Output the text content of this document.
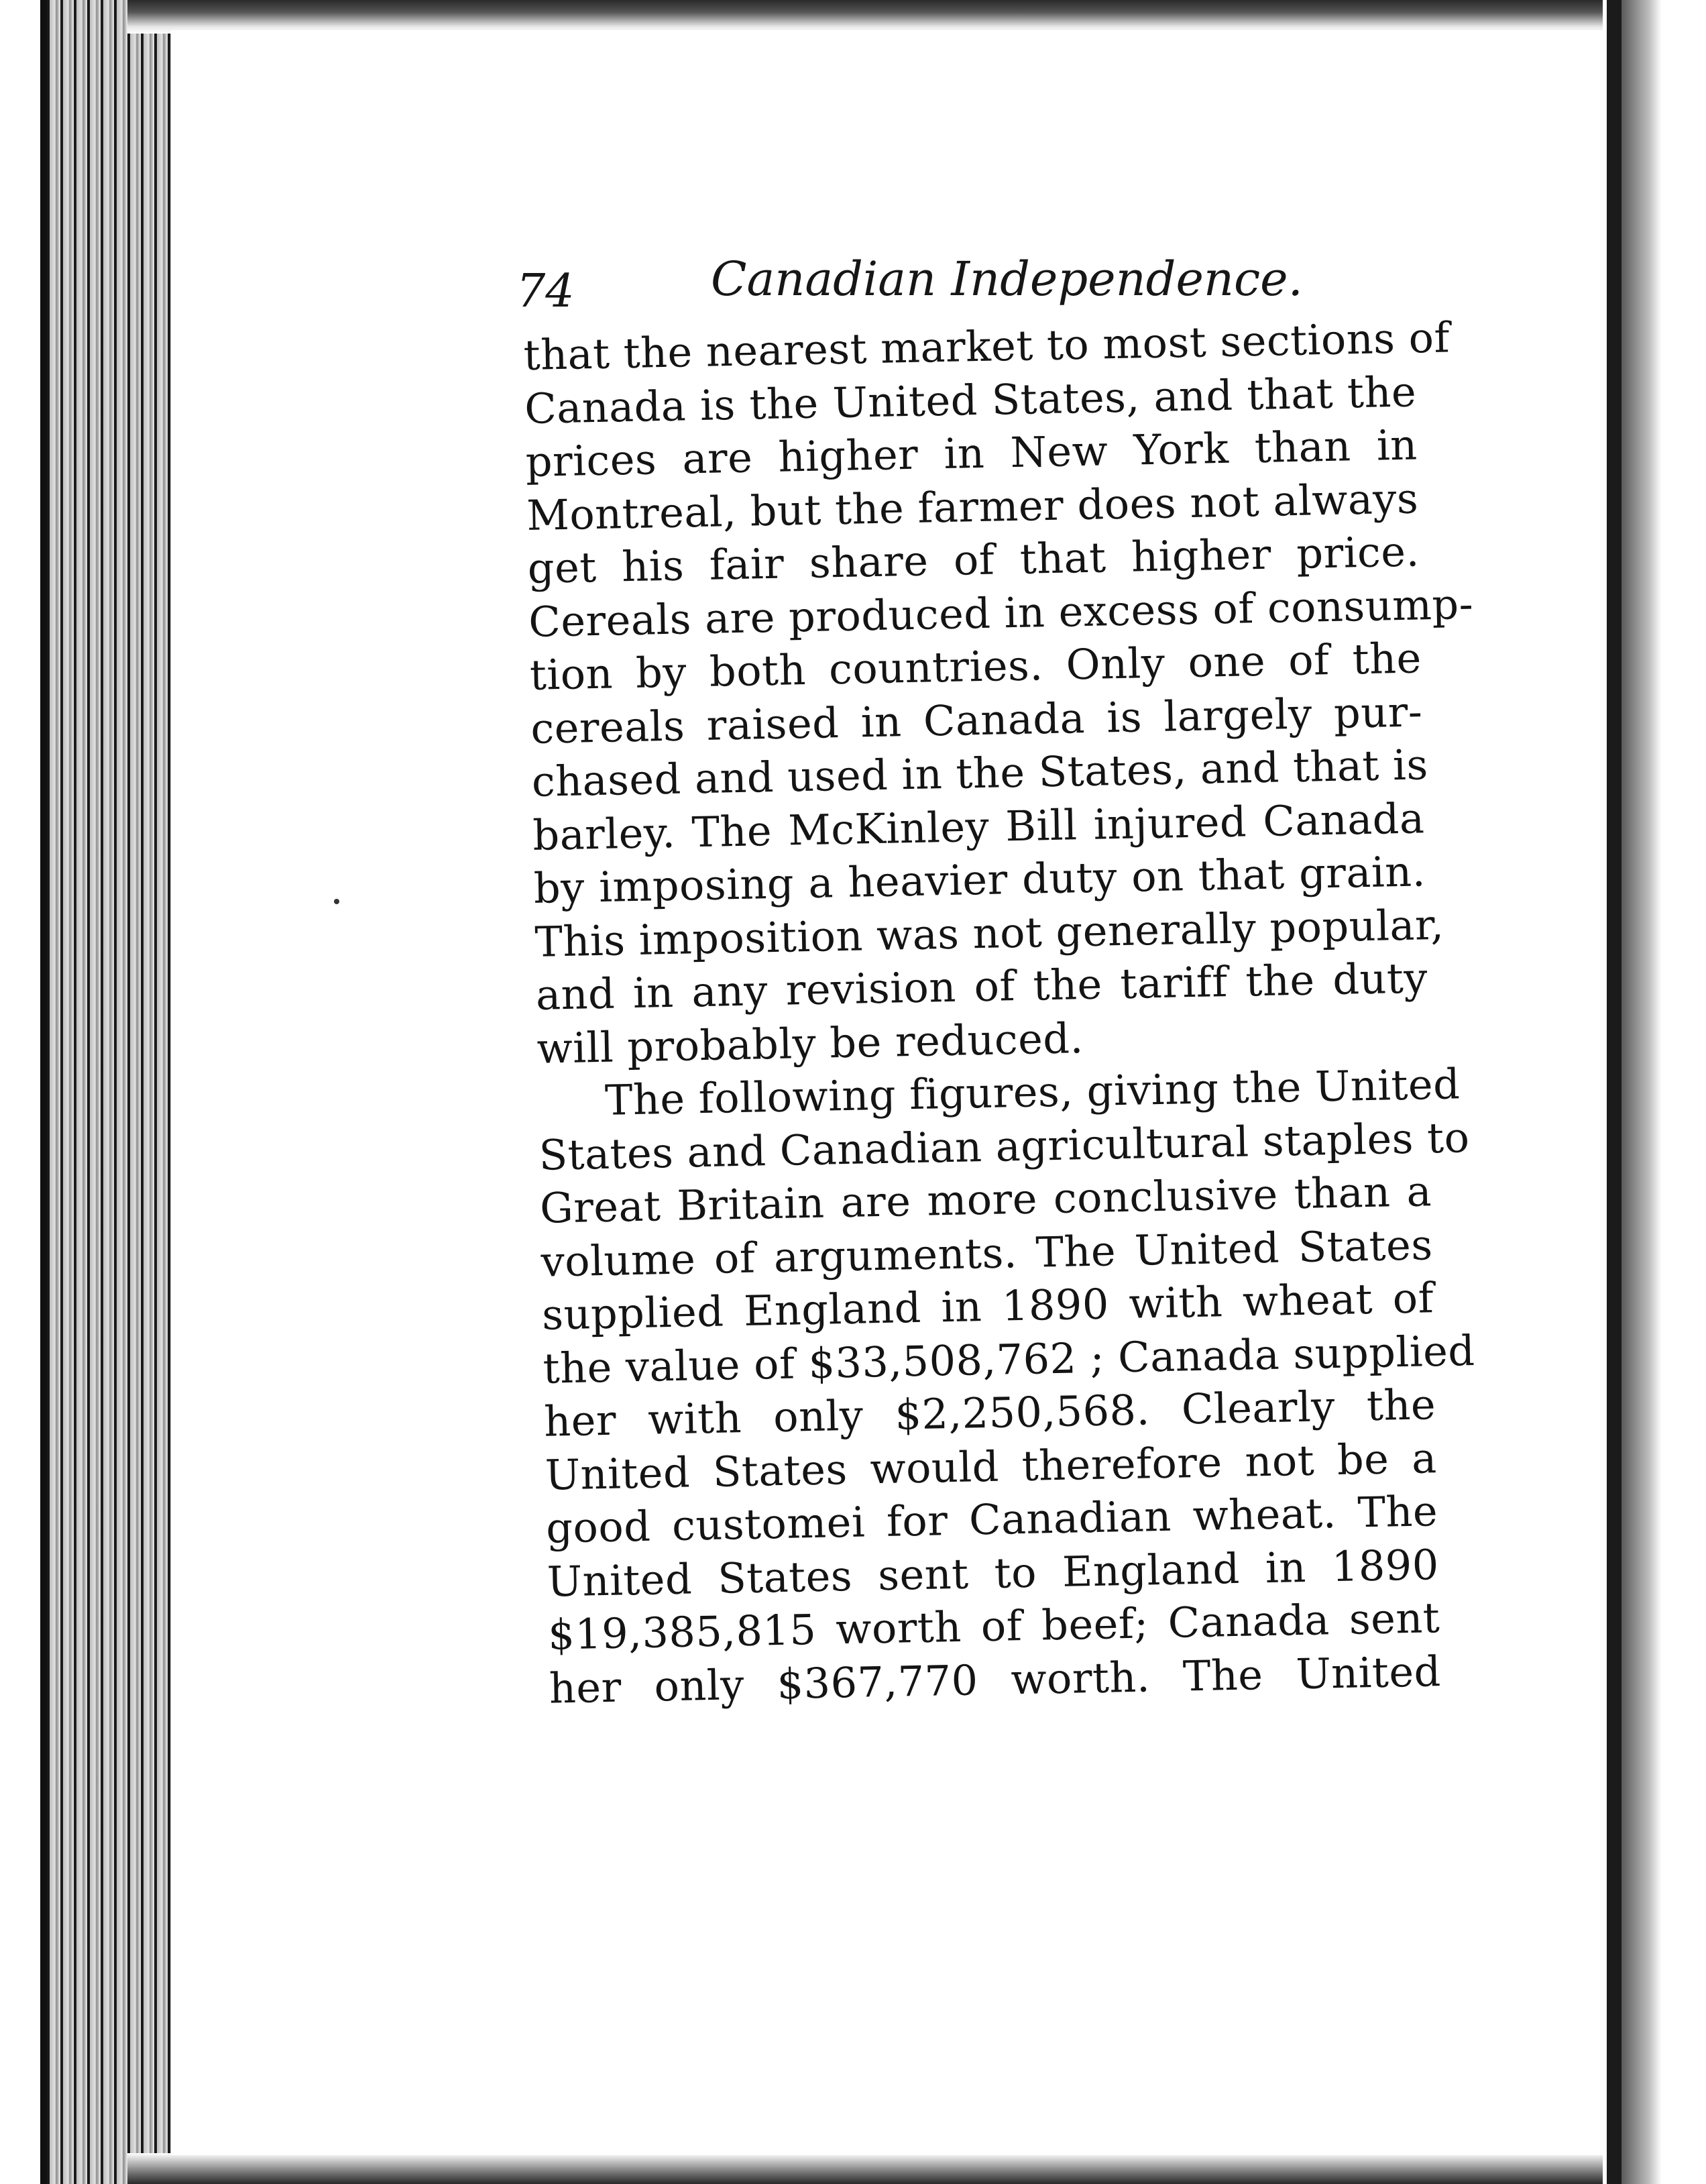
74	Canadian Independence.
that the nearest market to most sections of
Canada is the United States, and that the
prices are higher in New York than in
Montreal, but the farmer does not always
get his fair share of that higher price.
Cereals are produced in excess of consump-
tion by both countries. Only one of the
cereals raised in Canada is largely pur-
chased and used in the States, and that is
barley. The McKinley Bill injured Canada
by imposing a heavier duty on that grain.
This imposition was not generally popular,
and in any revision of the tariff the duty
will probably be reduced.
The following figures, giving the United
States and Canadian agricultural staples to
Great Britain are more conclusive than a
volume of arguments. The United States
supplied England in 1890 with wheat of
the value of $33,508,762 ; Canada supplied
her with only $2,250,568. Clearly the
United States would therefore not be a
good customei for Canadian wheat. The
United States sent to England in 1890
$19,385,815 worth of beef; Canada sent
her only $367,770 worth. The United
